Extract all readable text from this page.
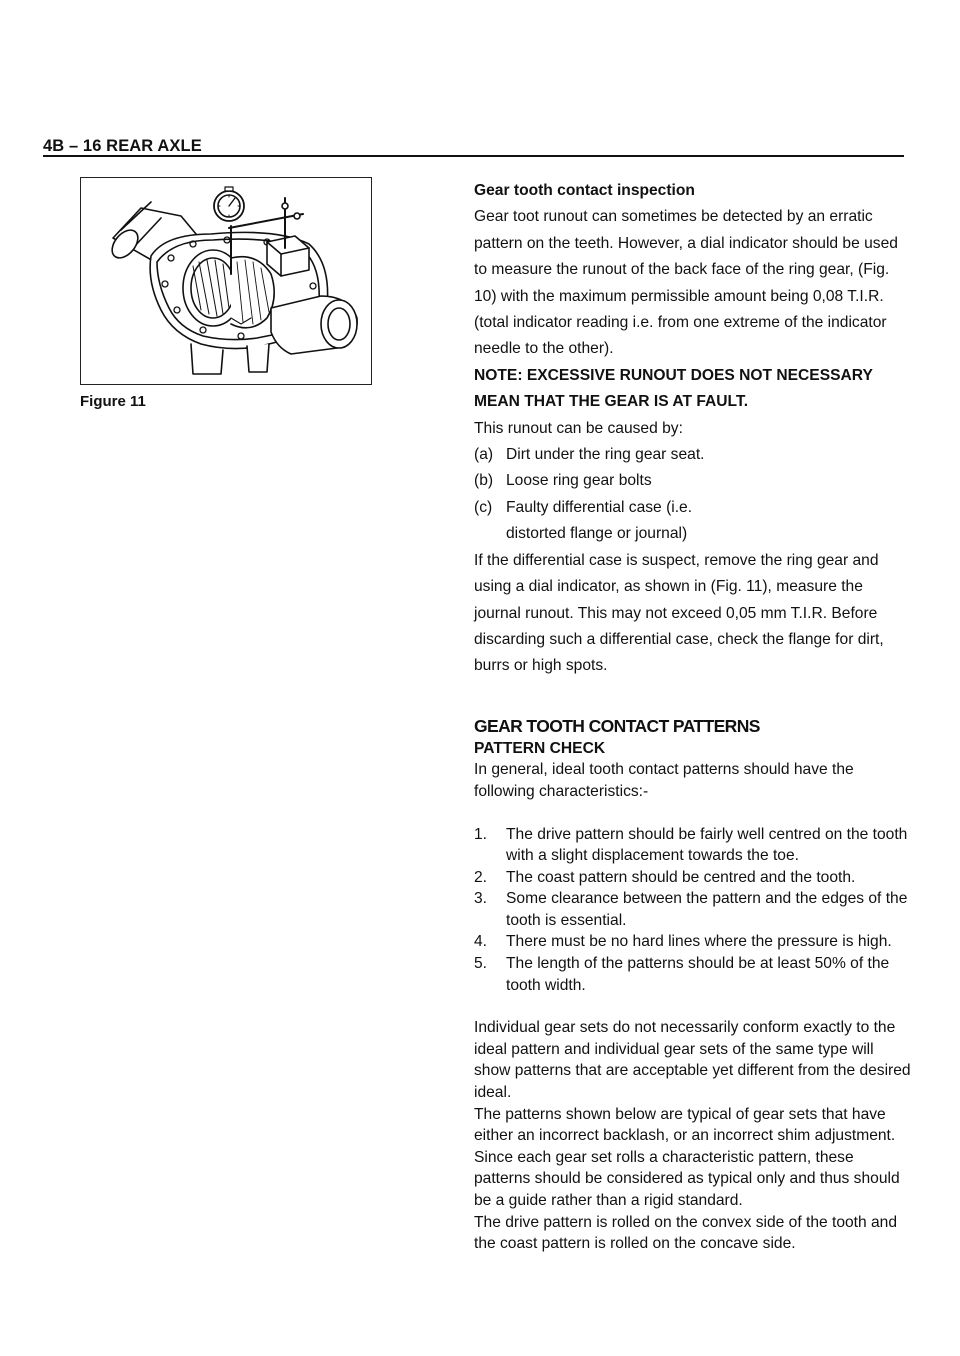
4B – 16 REAR AXLE
Figure 11

Gear tooth contact inspection

Gear toot runout can sometimes be detected by an erratic pattern on the teeth. However, a dial indicator should be used to measure the runout of the back face of the ring gear, (Fig. 10) with the maximum permissible amount being 0,08 T.I.R. (total indicator reading i.e. from one extreme of the indicator needle to the other).

NOTE: EXCESSIVE RUNOUT DOES NOT NECESSARY MEAN THAT THE GEAR IS AT FAULT.

This runout can be caused by:

(a) Dirt under the ring gear seat.
(b) Loose ring gear bolts
(c) Faulty differential case (i.e. distorted flange or journal)

If the differential case is suspect, remove the ring gear and using a dial indicator, as shown in (Fig. 11), measure the journal runout. This may not exceed 0,05 mm T.I.R. Before discarding such a differential case, check the flange for dirt, burrs or high spots.

GEAR TOOTH CONTACT PATTERNS

PATTERN CHECK

In general, ideal tooth contact patterns should have the following characteristics:-

1.	The drive pattern should be fairly well centred on the tooth with a slight displacement towards the toe.
2.	The coast pattern should be centred and the tooth.
3.	Some clearance between the pattern and the edges of the tooth is essential.
4.	There must be no hard lines where the pressure is high.
5.	The length of the patterns should be at least 50% of the tooth width.

Individual gear sets do not necessarily conform exactly to the ideal pattern and individual gear sets of the same type will show patterns that are acceptable yet different from the desired ideal.

The patterns shown below are typical of gear sets that have either an incorrect backlash, or an incorrect shim adjustment. Since each gear set rolls a characteristic pattern, these patterns should be considered as typical only and thus should be a guide rather than a rigid standard.

The drive pattern is rolled on the convex side of the tooth and the coast pattern is rolled on the concave side.
